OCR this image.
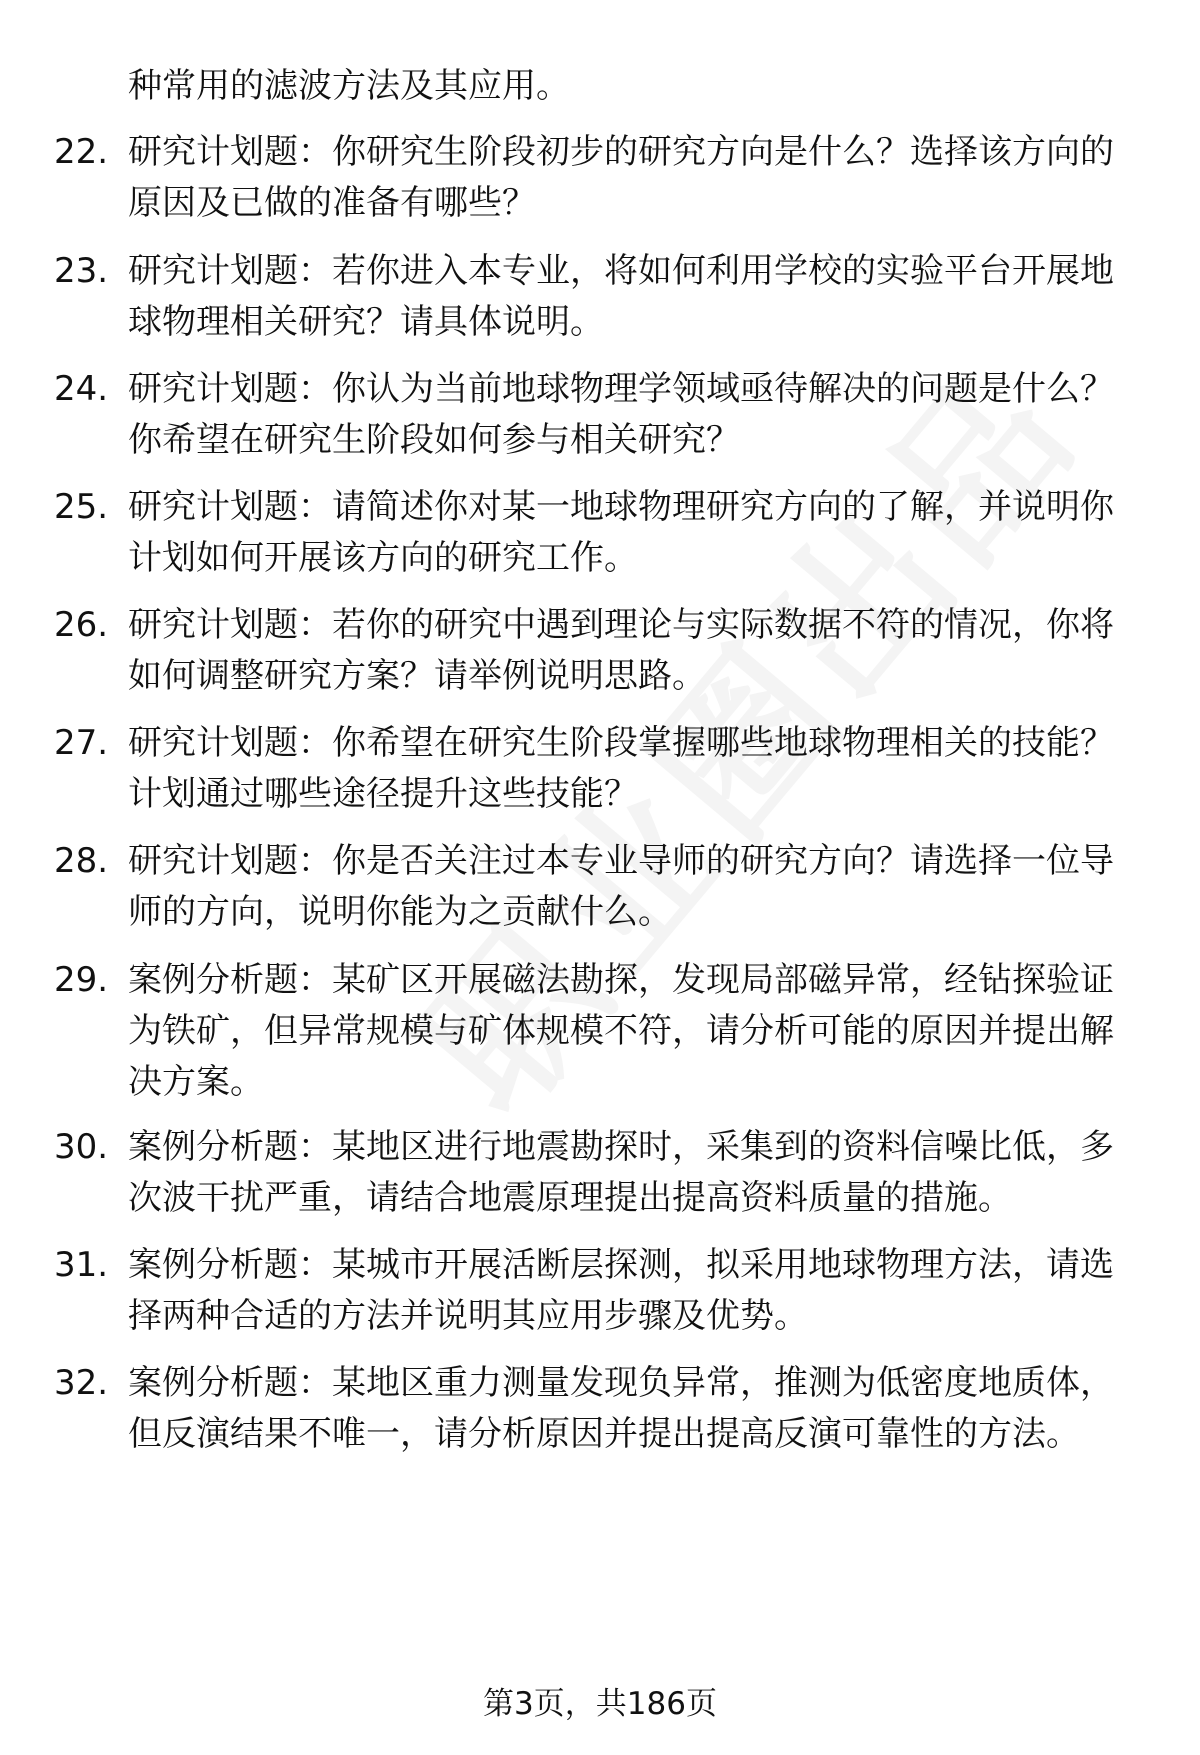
种常用的滤波方法及其应用。
22. 研究计划题：你研究生阶段初步的研究方向是什么？选择该方向的原因及已做的准备有哪些？
23. 研究计划题：若你进入本专业，将如何利用学校的实验平台开展地球物理相关研究？请具体说明。
24. 研究计划题：你认为当前地球物理学领域亟待解决的问题是什么？你希望在研究生阶段如何参与相关研究？
25. 研究计划题：请简述你对某一地球物理研究方向的了解，并说明你计划如何开展该方向的研究工作。
26. 研究计划题：若你的研究中遇到理论与实际数据不符的情况，你将如何调整研究方案？请举例说明思路。
27. 研究计划题：你希望在研究生阶段掌握哪些地球物理相关的技能？计划通过哪些途径提升这些技能？
28. 研究计划题：你是否关注过本专业导师的研究方向？请选择一位导师的方向，说明你能为之贡献什么。
29. 案例分析题：某矿区开展磁法勘探，发现局部磁异常，经钻探验证为铁矿，但异常规模与矿体规模不符，请分析可能的原因并提出解决方案。
30. 案例分析题：某地区进行地震勘探时，采集到的资料信噪比低，多次波干扰严重，请结合地震原理提出提高资料质量的措施。
31. 案例分析题：某城市开展活断层探测，拟采用地球物理方法，请选择两种合适的方法并说明其应用步骤及优势。
32. 案例分析题：某地区重力测量发现负异常，推测为低密度地质体，但反演结果不唯一，请分析原因并提出提高反演可靠性的方法。
第3页，共186页
